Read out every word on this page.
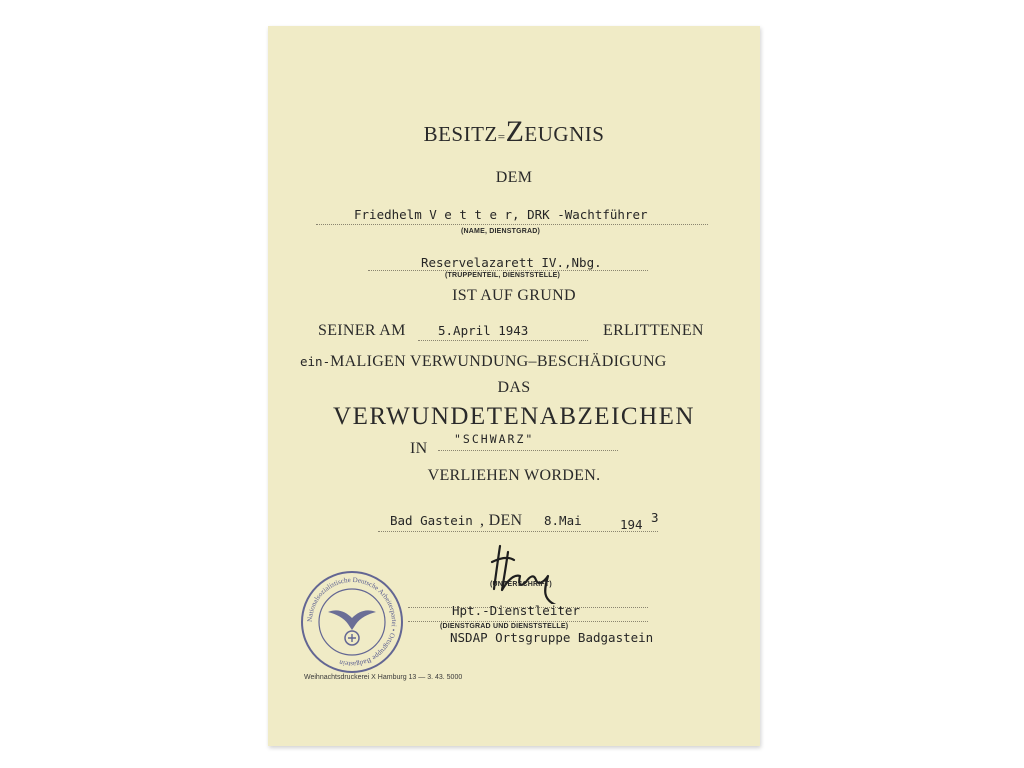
BESITZ=ZEUGNIS
DEM
Friedhelm V e t t e r, DRK -Wachtführer
(NAME, DIENSTGRAD)
Reservelazarett IV.,Nbg.
(TRUPPENTEIL, DIENSTSTELLE)
IST AUF GRUND
SEINER AM	5.April 1943	ERLITTENEN
ein-MALIGEN VERWUNDUNG–BESCHÄDIGUNG
DAS
VERWUNDETENABZEICHEN
IN
"SCHWARZ"
VERLIEHEN WORDEN.
Bad Gastein , DEN 8.Mai	194 3
(UNTERSCHRIFT)
Hpt.-Dienstleiter
(DIENSTGRAD UND DIENSTSTELLE)
NSDAP Ortsgruppe Badgastein
Nationalsozialistische Deutsche Arbeiterpartei • Ortsgruppe Badgastein
Weihnachtsdruckerei X Hamburg 13 — 3. 43. 5000
